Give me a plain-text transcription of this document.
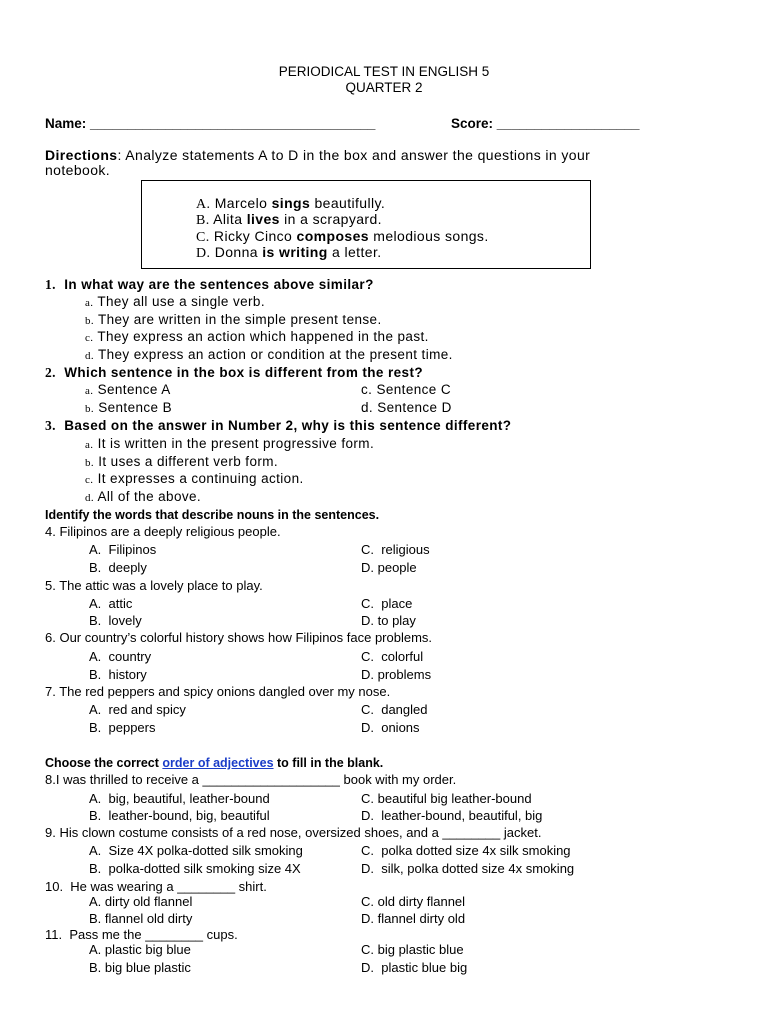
PERIODICAL TEST IN ENGLISH 5
QUARTER 2
Name: ______________________________________	Score: ___________________
Directions: Analyze statements A to D in the box and answer the questions in your
notebook.
A. Marcelo sings beautifully.
B. Alita lives in a scrapyard.
C. Ricky Cinco composes melodious songs.
D. Donna is writing a letter.
1. In what way are the sentences above similar?
a. They all use a single verb.
b. They are written in the simple present tense.
c. They express an action which happened in the past.
d. They express an action or condition at the present time.
2. Which sentence in the box is different from the rest?
a. Sentence A
b. Sentence B
c. Sentence C
d. Sentence D
3. Based on the answer in Number 2, why is this sentence different?
a. It is written in the present progressive form.
b. It uses a different verb form.
c. It expresses a continuing action.
d. All of the above.
Identify the words that describe nouns in the sentences.
4. Filipinos are a deeply religious people.
A.  Filipinos
B.  deeply
C.  religious
D. people
5. The attic was a lovely place to play.
A.  attic
B.  lovely
C.  place
D. to play
6. Our country’s colorful history shows how Filipinos face problems.
A.  country
B.  history
C.  colorful
D. problems
7. The red peppers and spicy onions dangled over my nose.
A.  red and spicy
B.  peppers
C.  dangled
D.  onions
Choose the correct order of adjectives to fill in the blank.
8.I was thrilled to receive a ___________________ book with my order.
A.  big, beautiful, leather-bound
B.  leather-bound, big, beautiful
C. beautiful big leather-bound
D.  leather-bound, beautiful, big
9. His clown costume consists of a red nose, oversized shoes, and a ________ jacket.
A.  Size 4X polka-dotted silk smoking
B.  polka-dotted silk smoking size 4X
C.  polka dotted size 4x silk smoking
D.  silk, polka dotted size 4x smoking
10.  He was wearing a ________ shirt.
A. dirty old flannel
B. flannel old dirty
C. old dirty flannel
D. flannel dirty old
11.  Pass me the ________ cups.
A. plastic big blue
B. big blue plastic
C. big plastic blue
D.  plastic blue big
